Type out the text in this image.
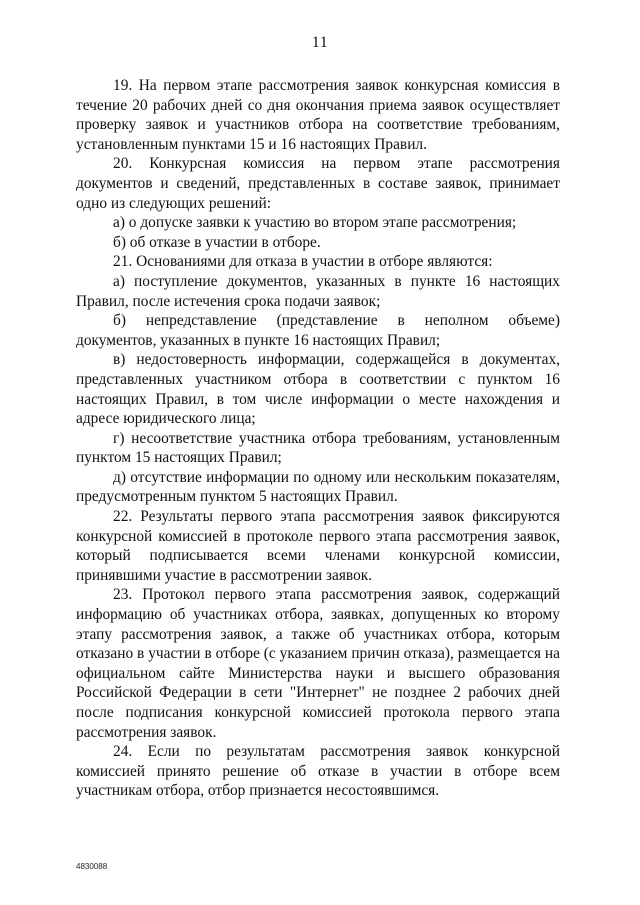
11

19. На первом этапе рассмотрения заявок конкурсная комиссия в течение 20 рабочих дней со дня окончания приема заявок осуществляет проверку заявок и участников отбора на соответствие требованиям, установленным пунктами 15 и 16 настоящих Правил.

20. Конкурсная комиссия на первом этапе рассмотрения документов и сведений, представленных в составе заявок, принимает одно из следующих решений:

а) о допуске заявки к участию во втором этапе рассмотрения;

б) об отказе в участии в отборе.

21. Основаниями для отказа в участии в отборе являются:

а) поступление документов, указанных в пункте 16 настоящих Правил, после истечения срока подачи заявок;

б) непредставление (представление в неполном объеме) документов, указанных в пункте 16 настоящих Правил;

в) недостоверность информации, содержащейся в документах, представленных участником отбора в соответствии с пунктом 16 настоящих Правил, в том числе информации о месте нахождения и адресе юридического лица;

г) несоответствие участника отбора требованиям, установленным пунктом 15 настоящих Правил;

д) отсутствие информации по одному или нескольким показателям, предусмотренным пунктом 5 настоящих Правил.

22. Результаты первого этапа рассмотрения заявок фиксируются конкурсной комиссией в протоколе первого этапа рассмотрения заявок, который подписывается всеми членами конкурсной комиссии, принявшими участие в рассмотрении заявок.

23. Протокол первого этапа рассмотрения заявок, содержащий информацию об участниках отбора, заявках, допущенных ко второму этапу рассмотрения заявок, а также об участниках отбора, которым отказано в участии в отборе (с указанием причин отказа), размещается на официальном сайте Министерства науки и высшего образования Российской Федерации в сети "Интернет" не позднее 2 рабочих дней после подписания конкурсной комиссией протокола первого этапа рассмотрения заявок.

24. Если по результатам рассмотрения заявок конкурсной комиссией принято решение об отказе в участии в отборе всем участникам отбора, отбор признается несостоявшимся.

4830088
